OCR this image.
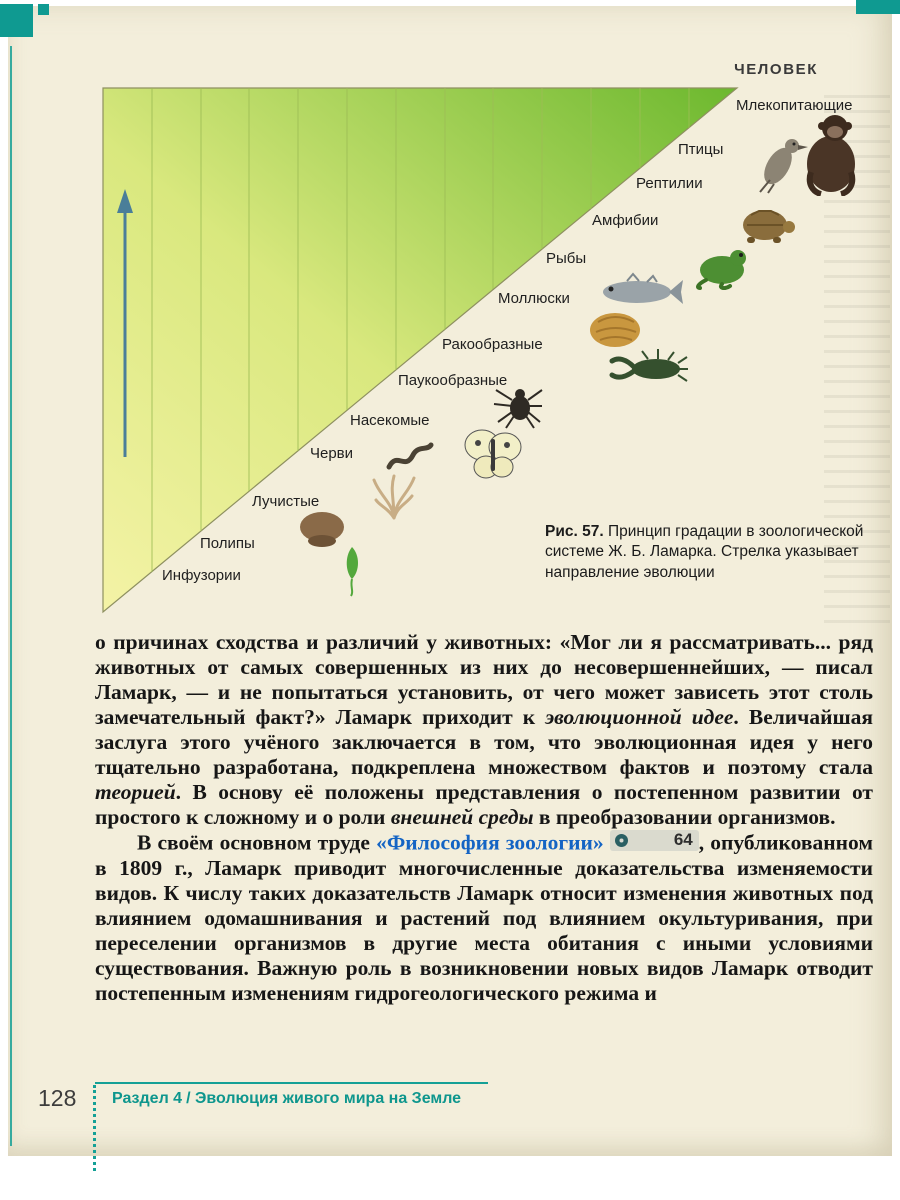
ЧЕЛОВЕК
Инфузории
Полипы
Лучистые
Черви
Насекомые
Паукообразные
Ракообразные
Моллюски
Рыбы
Амфибии
Рептилии
Птицы
Млекопитающие
Рис. 57. Принцип градации в зоологической системе Ж. Б. Ламарка. Стрелка указывает направление эволюции

о причинах сходства и различий у животных: «Мог ли я рассматривать... ряд животных от самых совершенных из них до несовершеннейших, — писал Ламарк, — и не попытаться установить, от чего может зависеть этот столь замечательный факт?» Ламарк приходит к эволюционной идее. Величайшая заслуга этого учёного заключается в том, что эволюционная идея у него тщательно разработана, подкреплена множеством фактов и поэтому стала теорией. В основу её положены представления о постепенном развитии от простого к сложному и о роли внешней среды в преобразовании организмов.

В своём основном труде «Философия зоологии»	64 , опубликованном в 1809 г., Ламарк приводит многочисленные доказательства изменяемости видов. К числу таких доказательств Ламарк относит изменения животных под влиянием одомашнивания и растений под влиянием окультуривания, при переселении организмов в другие места обитания с иными условиями существования. Важную роль в возникновении новых видов Ламарк отводит постепенным изменениям гидрогеологического режима и

128 Раздел 4 / Эволюция живого мира на Земле
